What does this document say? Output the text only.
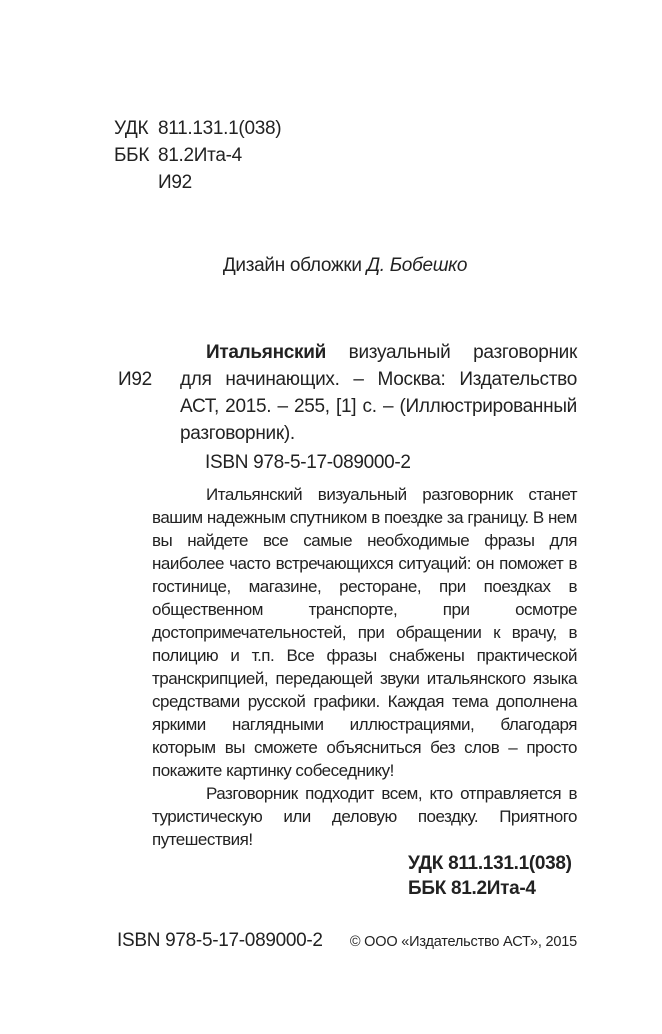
УДК 811.131.1(038)
ББК 81.2Ита-4
И92
Дизайн обложки Д. Бобешко
И92

Итальянский визуальный разговорник для начинающих. – Москва: Издательство АСТ, 2015. – 255, [1] с. – (Иллюстрированный разговорник).

ISBN 978-5-17-089000-2

Итальянский визуальный разговорник станет вашим надежным спутником в поездке за границу. В нем вы найдете все самые необходимые фразы для наиболее часто встречающихся ситуаций: он поможет в гостинице, магазине, ресторане, при поездках в общественном транспорте, при осмотре достопримечательностей, при обращении к врачу, в полицию и т.п. Все фразы снабжены практической транскрипцией, передающей звуки итальянского языка средствами русской графики. Каждая тема дополнена яркими наглядными иллюстрациями, благодаря которым вы сможете объясниться без слов – просто покажите картинку собеседнику!

Разговорник подходит всем, кто отправляется в туристическую или деловую поездку. Приятного путешествия!

УДК 811.131.1(038)
ББК 81.2Ита-4
ISBN 978-5-17-089000-2 © ООО «Издательство АСТ», 2015
